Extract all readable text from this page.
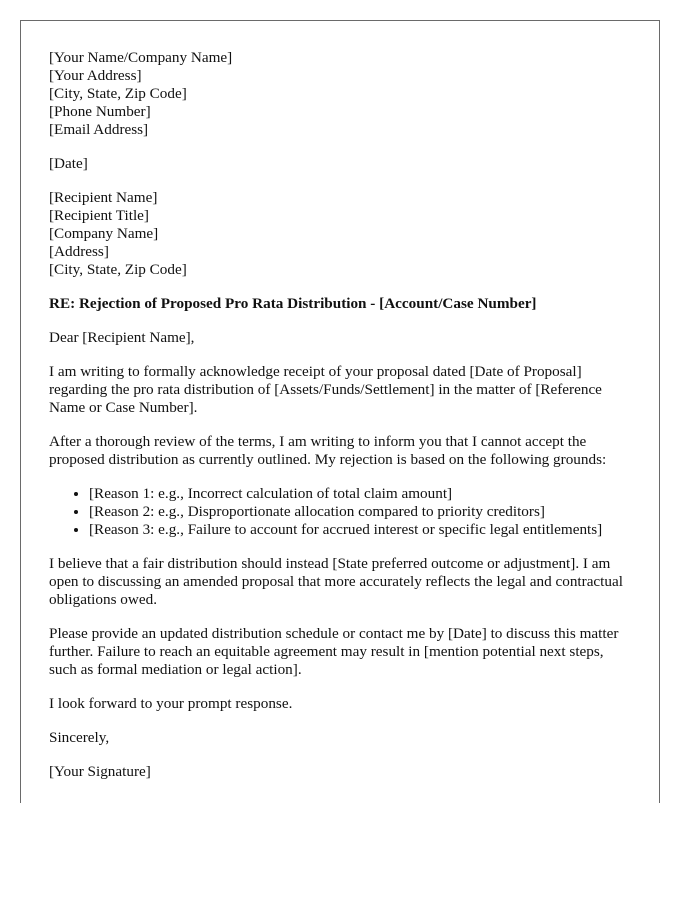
[Your Name/Company Name]
[Your Address]
[City, State, Zip Code]
[Phone Number]
[Email Address]
[Date]
[Recipient Name]
[Recipient Title]
[Company Name]
[Address]
[City, State, Zip Code]
RE: Rejection of Proposed Pro Rata Distribution - [Account/Case Number]

Dear [Recipient Name],

I am writing to formally acknowledge receipt of your proposal dated [Date of Proposal] regarding the pro rata distribution of [Assets/Funds/Settlement] in the matter of [Reference Name or Case Number].

After a thorough review of the terms, I am writing to inform you that I cannot accept the proposed distribution as currently outlined. My rejection is based on the following grounds:

• [Reason 1: e.g., Incorrect calculation of total claim amount]
• [Reason 2: e.g., Disproportionate allocation compared to priority creditors]
• [Reason 3: e.g., Failure to account for accrued interest or specific legal entitlements]

I believe that a fair distribution should instead [State preferred outcome or adjustment]. I am open to discussing an amended proposal that more accurately reflects the legal and contractual obligations owed.

Please provide an updated distribution schedule or contact me by [Date] to discuss this matter further. Failure to reach an equitable agreement may result in [mention potential next steps, such as formal mediation or legal action].

I look forward to your prompt response.

Sincerely,

[Your Signature]
